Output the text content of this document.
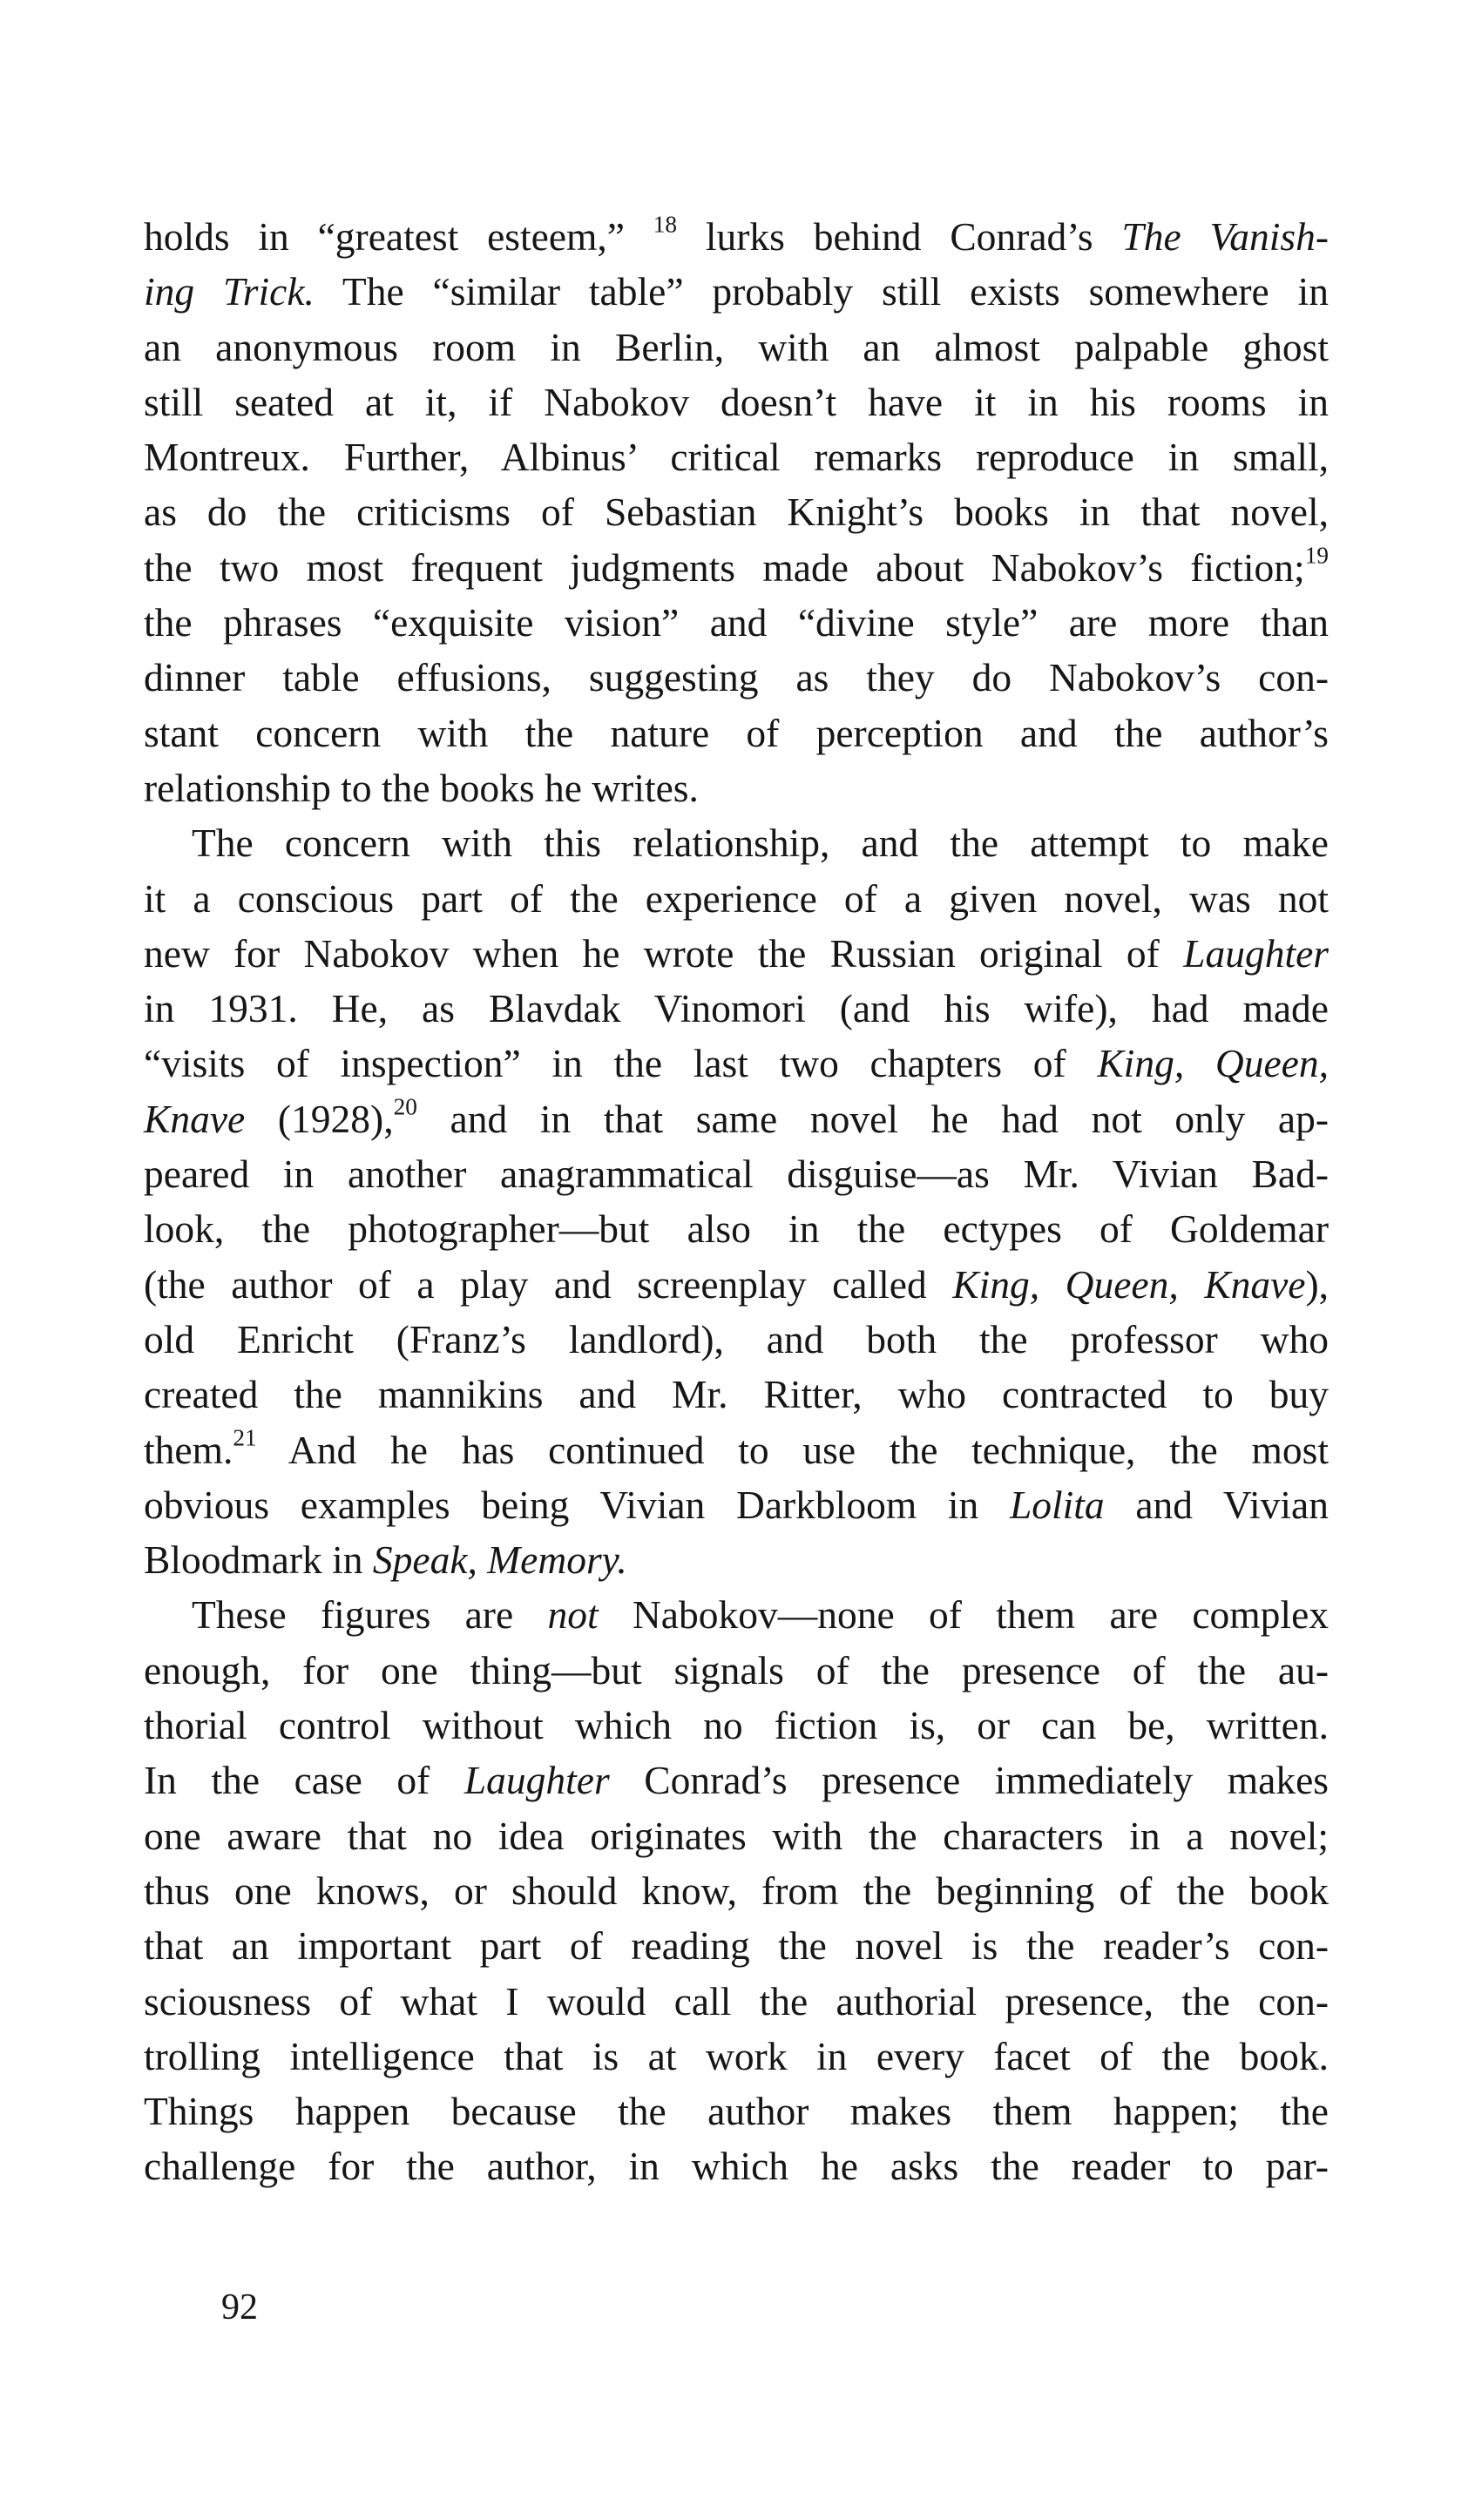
holds in “greatest esteem,” $^{18}$ lurks behind Conrad’s The Vanish-
ing Trick. The “similar table” probably still exists somewhere in
an anonymous room in Berlin, with an almost palpable ghost
still seated at it, if Nabokov doesn’t have it in his rooms in
Montreux. Further, Albinus’ critical remarks reproduce in small,
as do the criticisms of Sebastian Knight’s books in that novel,
the two most frequent judgments made about Nabokov’s fiction;$^{19}$
the phrases “exquisite vision” and “divine style” are more than
dinner table effusions, suggesting as they do Nabokov’s con-
stant concern with the nature of perception and the author’s
relationship to the books he writes.
The concern with this relationship, and the attempt to make
it a conscious part of the experience of a given novel, was not
new for Nabokov when he wrote the Russian original of Laughter
in 1931. He, as Blavdak Vinomori (and his wife), had made
“visits of inspection” in the last two chapters of King, Queen,
Knave (1928),$^{20}$ and in that same novel he had not only ap-
peared in another anagrammatical disguise—as Mr. Vivian Bad-
look, the photographer—but also in the ectypes of Goldemar
(the author of a play and screenplay called King, Queen, Knave),
old Enricht (Franz’s landlord), and both the professor who
created the mannikins and Mr. Ritter, who contracted to buy
them.$^{21}$ And he has continued to use the technique, the most
obvious examples being Vivian Darkbloom in Lolita and Vivian
Bloodmark in Speak, Memory.
These figures are not Nabokov—none of them are complex
enough, for one thing—but signals of the presence of the au-
thorial control without which no fiction is, or can be, written.
In the case of Laughter Conrad’s presence immediately makes
one aware that no idea originates with the characters in a novel;
thus one knows, or should know, from the beginning of the book
that an important part of reading the novel is the reader’s con-
sciousness of what I would call the authorial presence, the con-
trolling intelligence that is at work in every facet of the book.
Things happen because the author makes them happen; the
challenge for the author, in which he asks the reader to par-
92
